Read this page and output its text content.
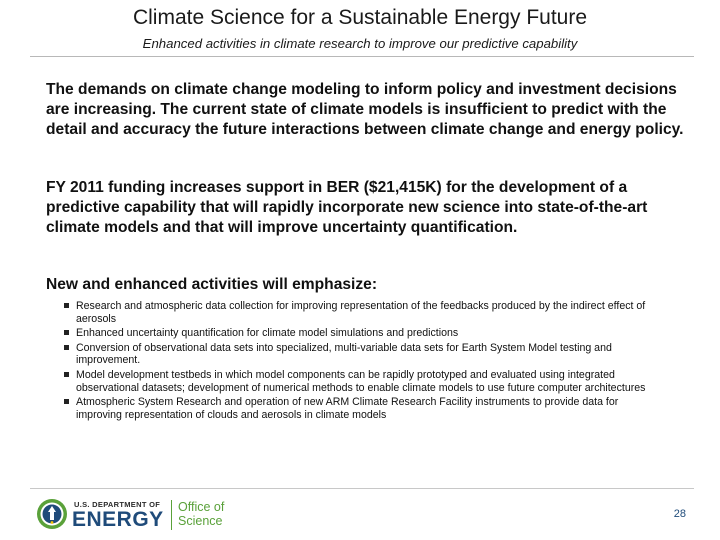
Climate Science for a Sustainable Energy Future
Enhanced activities in climate research to improve our predictive capability
The demands on climate change modeling to inform policy and investment decisions are increasing. The current state of climate models is insufficient to predict with the detail and accuracy the future interactions between climate change and energy policy.
FY 2011 funding increases support in BER ($21,415K) for the development of a predictive capability that will rapidly incorporate new science into state-of-the-art climate models and that will improve uncertainty quantification.
New and enhanced activities will emphasize:
Research and atmospheric data collection for improving representation of the feedbacks produced by the indirect effect of aerosols
Enhanced uncertainty quantification for climate model simulations and predictions
Conversion of observational data sets into specialized, multi-variable data sets for Earth System Model testing and improvement.
Model development testbeds in which model components can be rapidly prototyped and evaluated using integrated observational datasets; development of numerical methods to enable climate models to use future computer architectures
Atmospheric System Research and operation of new ARM Climate Research Facility instruments to provide data for improving representation of clouds and aerosols in climate models
U.S. DEPARTMENT OF
ENERGY
Office of
Science	28
